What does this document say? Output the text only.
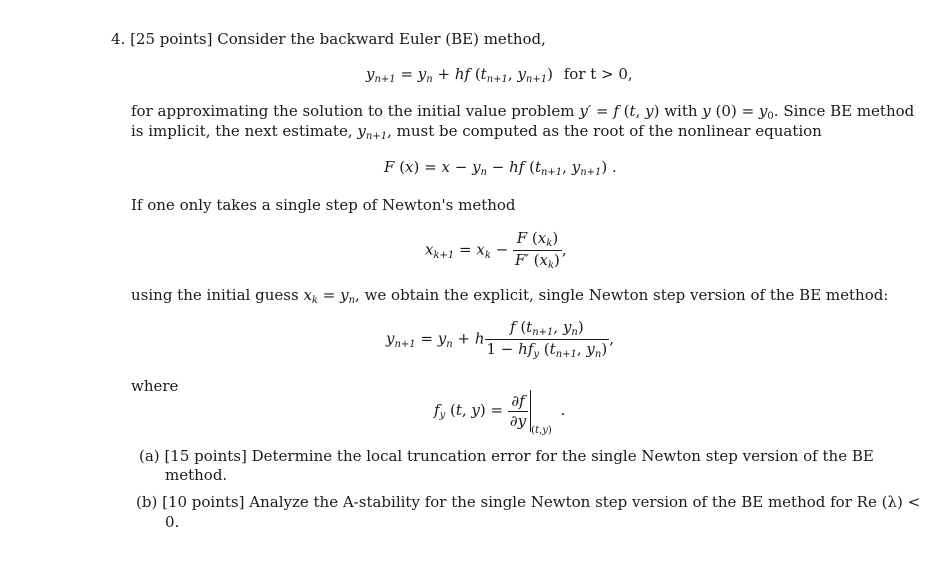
4. [25 points] Consider the backward Euler (BE) method,
$y_{n+1} = y_n$ + hf ($t_{n+1}$, $y_{n+1}$) for t > 0,
for approximating the solution to the initial value problem y′ = f (t, y) with y $(0) = y_0$. Since BE method
is implicit, the next estimate, $y_{n+1}$, must be computed as the root of the nonlinear equation
F $(x) = x - y_n$ − hf ($t_{n+1}$, $y_{n+1}$) .
If one only takes a single step of Newton's method
$x_{k+1} = x_k - \frac{F (x_k)}{F' (x_k)}$ ,
using the initial guess $x_k = y_n$, we obtain the explicit, single Newton step version of the BE method:
$y_{n+1} = y_n + h \frac{f (t_{n+1}, y_n)}{1 - hf_y (t_{n+1}, y_n)}$ ,
where
$f_y$ (t, $y) = \frac{\partial f}{\partial y} _{(t,y)}$ .
(a) [15 points] Determine the local truncation error for the single Newton step version of the BE
method.
(b) [10 points] Analyze the A-stability for the single Newton step version of the BE method for Re (λ) <
0.
